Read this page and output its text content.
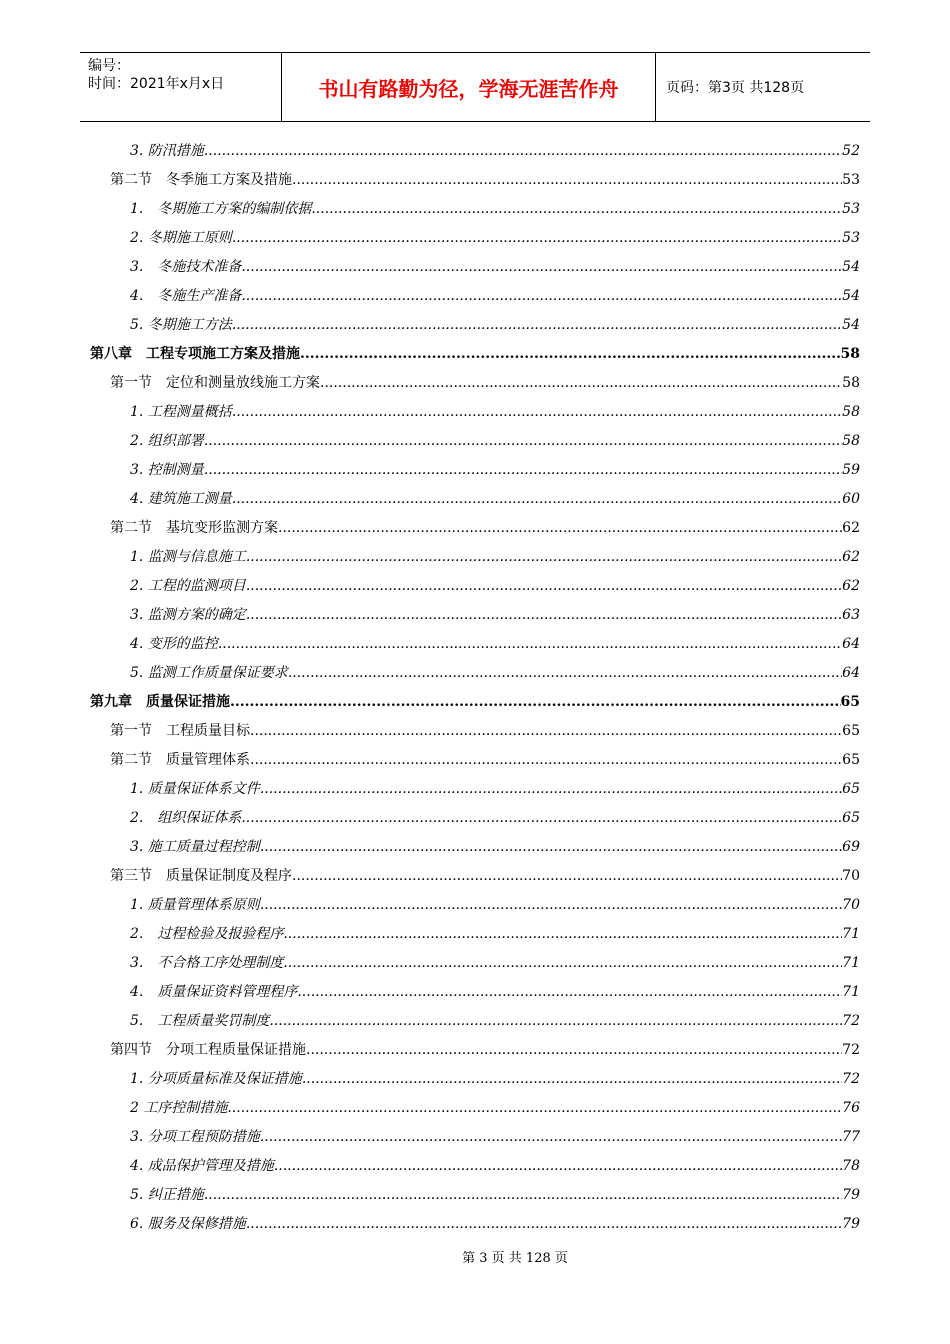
编号：
时间：2021年x月x日	书山有路勤为径，学海无涯苦作舟	页码：第3页 共128页
3. 防汛措施 .....	52
第二节　冬季施工方案及措施 .....	53
1.　冬期施工方案的编制依据 .....	53
2. 冬期施工原则 .....	53
3.　冬施技术准备 .....	54
4.　冬施生产准备 .....	54
5. 冬期施工方法 .....	54
第八章　工程专项施工方案及措施 .....	58
第一节　定位和测量放线施工方案 .....	58
1. 工程测量概括 .....	58
2. 组织部署 .....	58
3. 控制测量 .....	59
4. 建筑施工测量 .....	60
第二节　基坑变形监测方案 .....	62
1. 监测与信息施工 .....	62
2. 工程的监测项目 .....	62
3. 监测方案的确定 .....	63
4. 变形的监控 .....	64
5. 监测工作质量保证要求 .....	64
第九章　质量保证措施 .....	65
第一节　工程质量目标 .....	65
第二节　质量管理体系 .....	65
1. 质量保证体系文件 .....	65
2.　组织保证体系 .....	65
3. 施工质量过程控制 .....	69
第三节　质量保证制度及程序 .....	70
1. 质量管理体系原则 .....	70
2.　过程检验及报验程序 .....	71
3.　不合格工序处理制度 .....	71
4.　质量保证资料管理程序 .....	71
5.　工程质量奖罚制度 .....	72
第四节　分项工程质量保证措施 .....	72
1. 分项质量标准及保证措施 .....	72
2 工序控制措施 .....	76
3. 分项工程预防措施 .....	77
4. 成品保护管理及措施 .....	78
5. 纠正措施 .....	79
6. 服务及保修措施 .....	79
第 3 页 共 128 页
